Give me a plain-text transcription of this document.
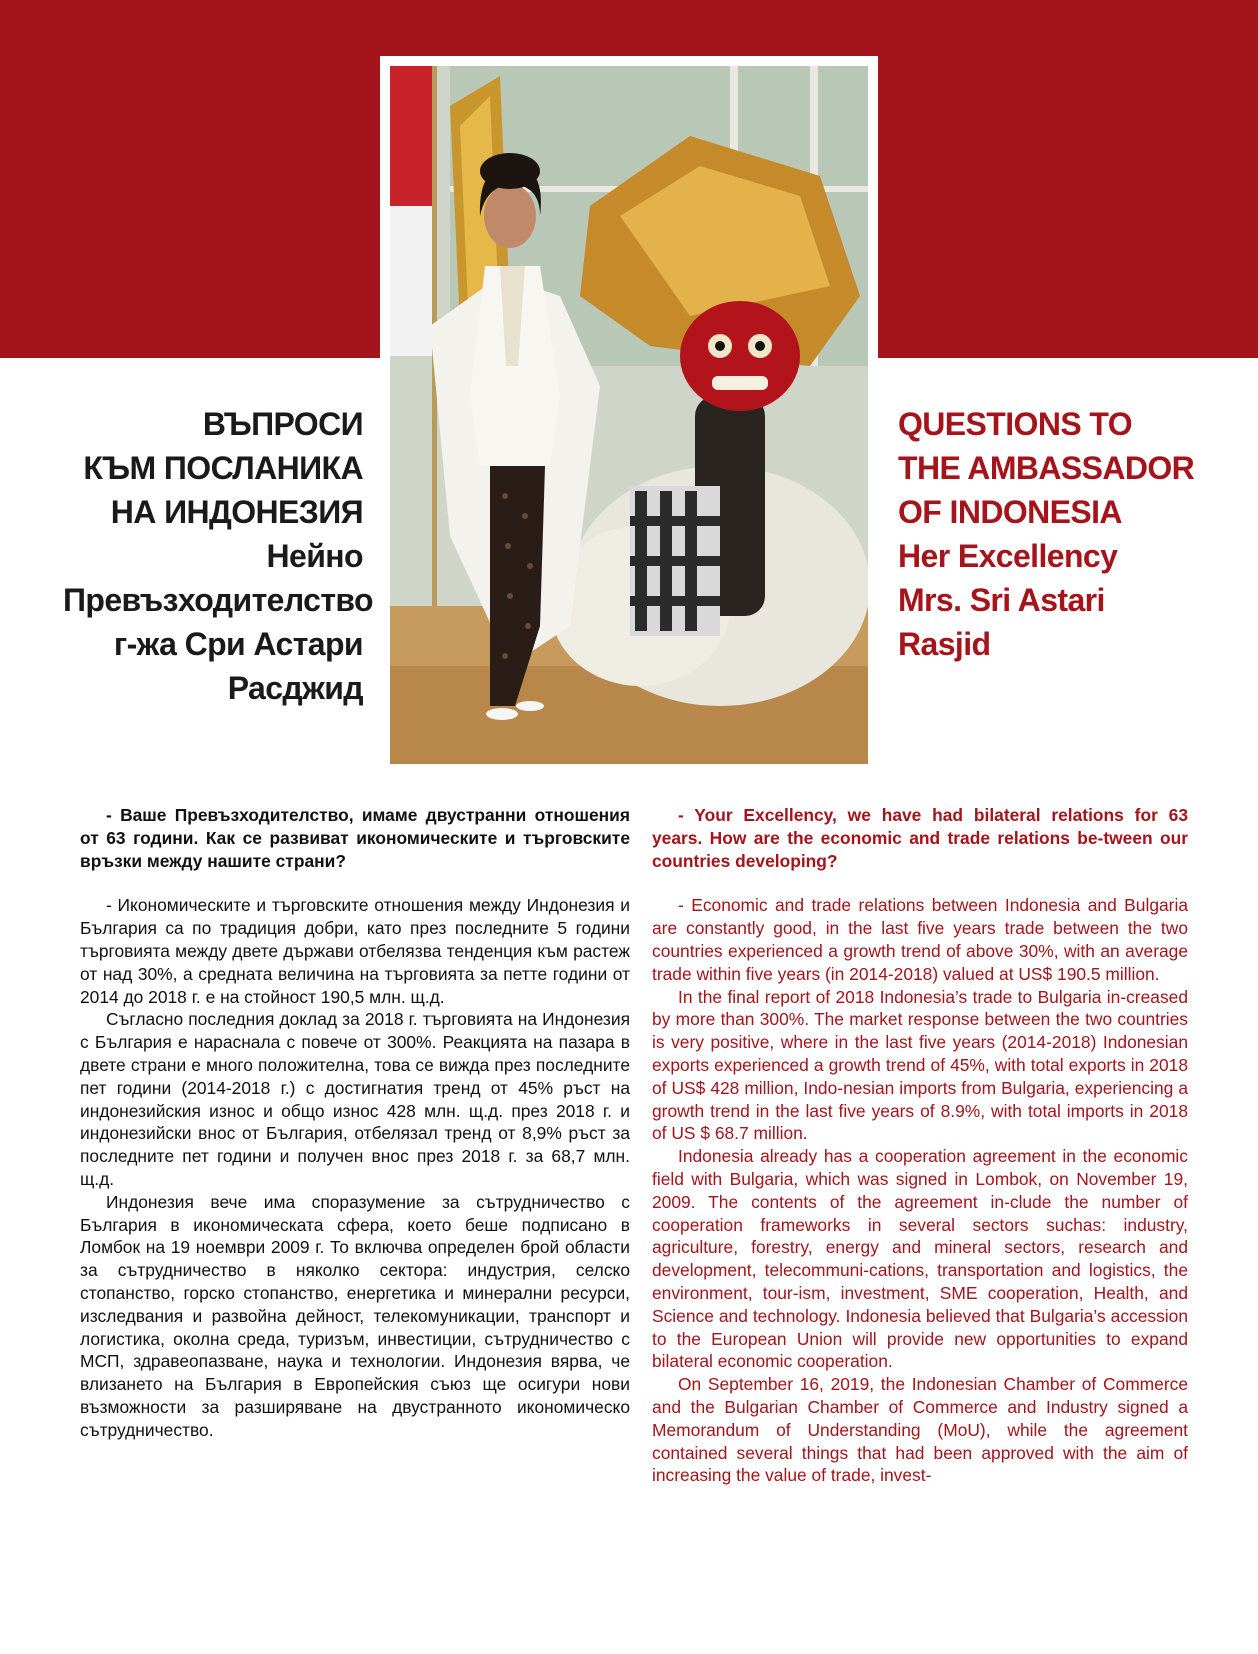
ВЪПРОСИ
КЪМ ПОСЛАНИКА
НА ИНДОНЕЗИЯ
Нейно
Превъзходителство
г-жа Сри Астари
Расджид
QUESTIONS TO
THE AMBASSADOR
OF INDONESIA
Her Excellency
Mrs. Sri Astari
Rasjid

- Ваше Превъзходителство, имаме двустранни отношения от 63 години. Как се развиват икономическите и търговските връзки между нашите страни?

- Икономическите и търговските отношения между Индонезия и България са по традиция добри, като през последните 5 години търговията между двете държави отбелязва тенденция към растеж от над 30%, а средната величина на търговията за петте години от 2014 до 2018 г. е на стойност 190,5 млн. щ.д.

Съгласно последния доклад за 2018 г. търговията на Индонезия с България е нараснала с повече от 300%. Реакцията на пазара в двете страни е много положителна, това се вижда през последните пет години (2014-2018 г.) с достигнатия тренд от 45% ръст на индонезийския износ и общо износ 428 млн. щ.д. през 2018 г. и индонезийски внос от България, отбелязал тренд от 8,9% ръст за последните пет години и получен внос през 2018 г. за 68,7 млн. щ.д.

Индонезия вече има споразумение за сътрудничество с България в икономическата сфера, което беше подписано в Ломбок на 19 ноември 2009 г. То включва определен брой области за сътрудничество в няколко сектора: индустрия, селско стопанство, горско стопанство, енергетика и минерални ресурси, изследвания и развойна дейност, телекомуникации, транспорт и логистика, околна среда, туризъм, инвестиции, сътрудничество с МСП, здравеопазване, наука и технологии. Индонезия вярва, че влизането на България в Европейския съюз ще осигури нови възможности за разширяване на двустранното икономическо сътрудничество.

- Your Excellency, we have had bilateral relations for 63 years. How are the economic and trade relations be-tween our countries developing?

- Economic and trade relations between Indonesia and Bulgaria are constantly good, in the last five years trade between the two countries experienced a growth trend of above 30%, with an average trade within five years (in 2014-2018) valued at US$ 190.5 million.

In the final report of 2018 Indonesia’s trade to Bulgaria in-creased by more than 300%. The market response between the two countries is very positive, where in the last five years (2014-2018) Indonesian exports experienced a growth trend of 45%, with total exports in 2018 of US$ 428 million, Indo-nesian imports from Bulgaria, experiencing a growth trend in the last five years of 8.9%, with total imports in 2018 of US $ 68.7 million.

Indonesia already has a cooperation agreement in the economic field with Bulgaria, which was signed in Lombok, on November 19, 2009. The contents of the agreement in-clude the number of cooperation frameworks in several sectors suchas: industry, agriculture, forestry, energy and mineral sectors, research and development, telecommuni-cations, transportation and logistics, the environment, tour-ism, investment, SME cooperation, Health, and Science and technology. Indonesia believed that Bulgaria’s accession to the European Union will provide new opportunities to expand bilateral economic cooperation.

On September 16, 2019, the Indonesian Chamber of Commerce and the Bulgarian Chamber of Commerce and Industry signed a Memorandum of Understanding (MoU), while the agreement contained several things that had been approved with the aim of increasing the value of trade, invest-
